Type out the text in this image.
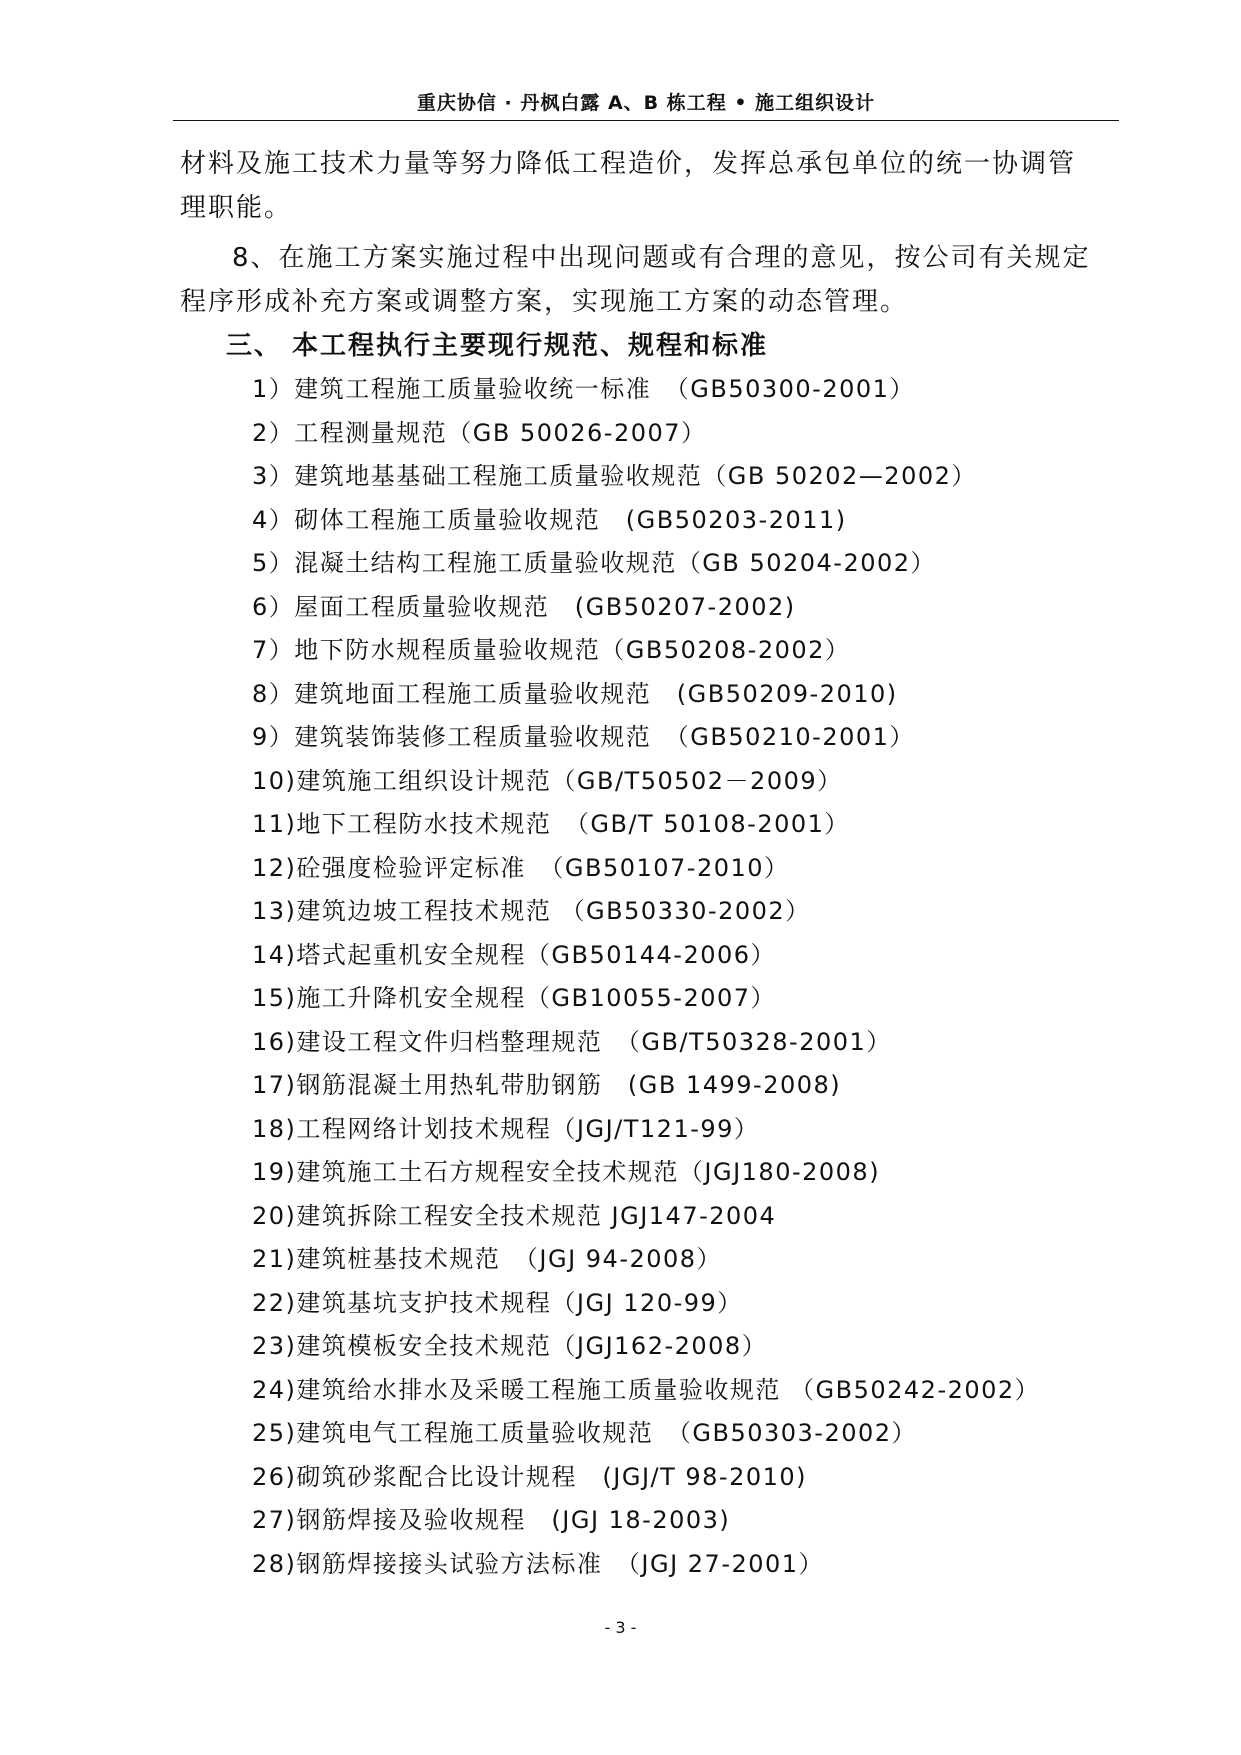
重庆协信 · 丹枫白露 A、B 栋工程 • 施工组织设计
材料及施工技术力量等努力降低工程造价，发挥总承包单位的统一协调管
理职能。
8、在施工方案实施过程中出现问题或有合理的意见，按公司有关规定
程序形成补充方案或调整方案，实现施工方案的动态管理。
三、 本工程执行主要现行规范、规程和标准
1）建筑工程施工质量验收统一标准　（GB50300-2001）
2）工程测量规范（GB 50026-2007）
3）建筑地基基础工程施工质量验收规范（GB 50202—2002）
4）砌体工程施工质量验收规范　(GB50203-2011)
5）混凝土结构工程施工质量验收规范（GB 50204-2002）
6）屋面工程质量验收规范　(GB50207-2002)
7）地下防水规程质量验收规范（GB50208-2002）
8）建筑地面工程施工质量验收规范　(GB50209-2010)
9）建筑装饰装修工程质量验收规范　（GB50210-2001）
10)建筑施工组织设计规范（GB/T50502－2009）
11)地下工程防水技术规范　（GB/T 50108-2001）
12)砼强度检验评定标准　（GB50107-2010）
13)建筑边坡工程技术规范 （GB50330-2002）
14)塔式起重机安全规程（GB50144-2006）
15)施工升降机安全规程（GB10055-2007）
16)建设工程文件归档整理规范　（GB/T50328-2001）
17)钢筋混凝土用热轧带肋钢筋　(GB 1499-2008)
18)工程网络计划技术规程（JGJ/T121-99）
19)建筑施工土石方规程安全技术规范（JGJ180-2008)
20)建筑拆除工程安全技术规范 JGJ147-2004
21)建筑桩基技术规范　（JGJ 94-2008）
22)建筑基坑支护技术规程（JGJ 120-99）
23)建筑模板安全技术规范（JGJ162-2008）
24)建筑给水排水及采暖工程施工质量验收规范 （GB50242-2002）
25)建筑电气工程施工质量验收规范　（GB50303-2002）
26)砌筑砂浆配合比设计规程　(JGJ/T 98-2010)
27)钢筋焊接及验收规程　(JGJ 18-2003)
28)钢筋焊接接头试验方法标准　（JGJ 27-2001）
- 3 -
